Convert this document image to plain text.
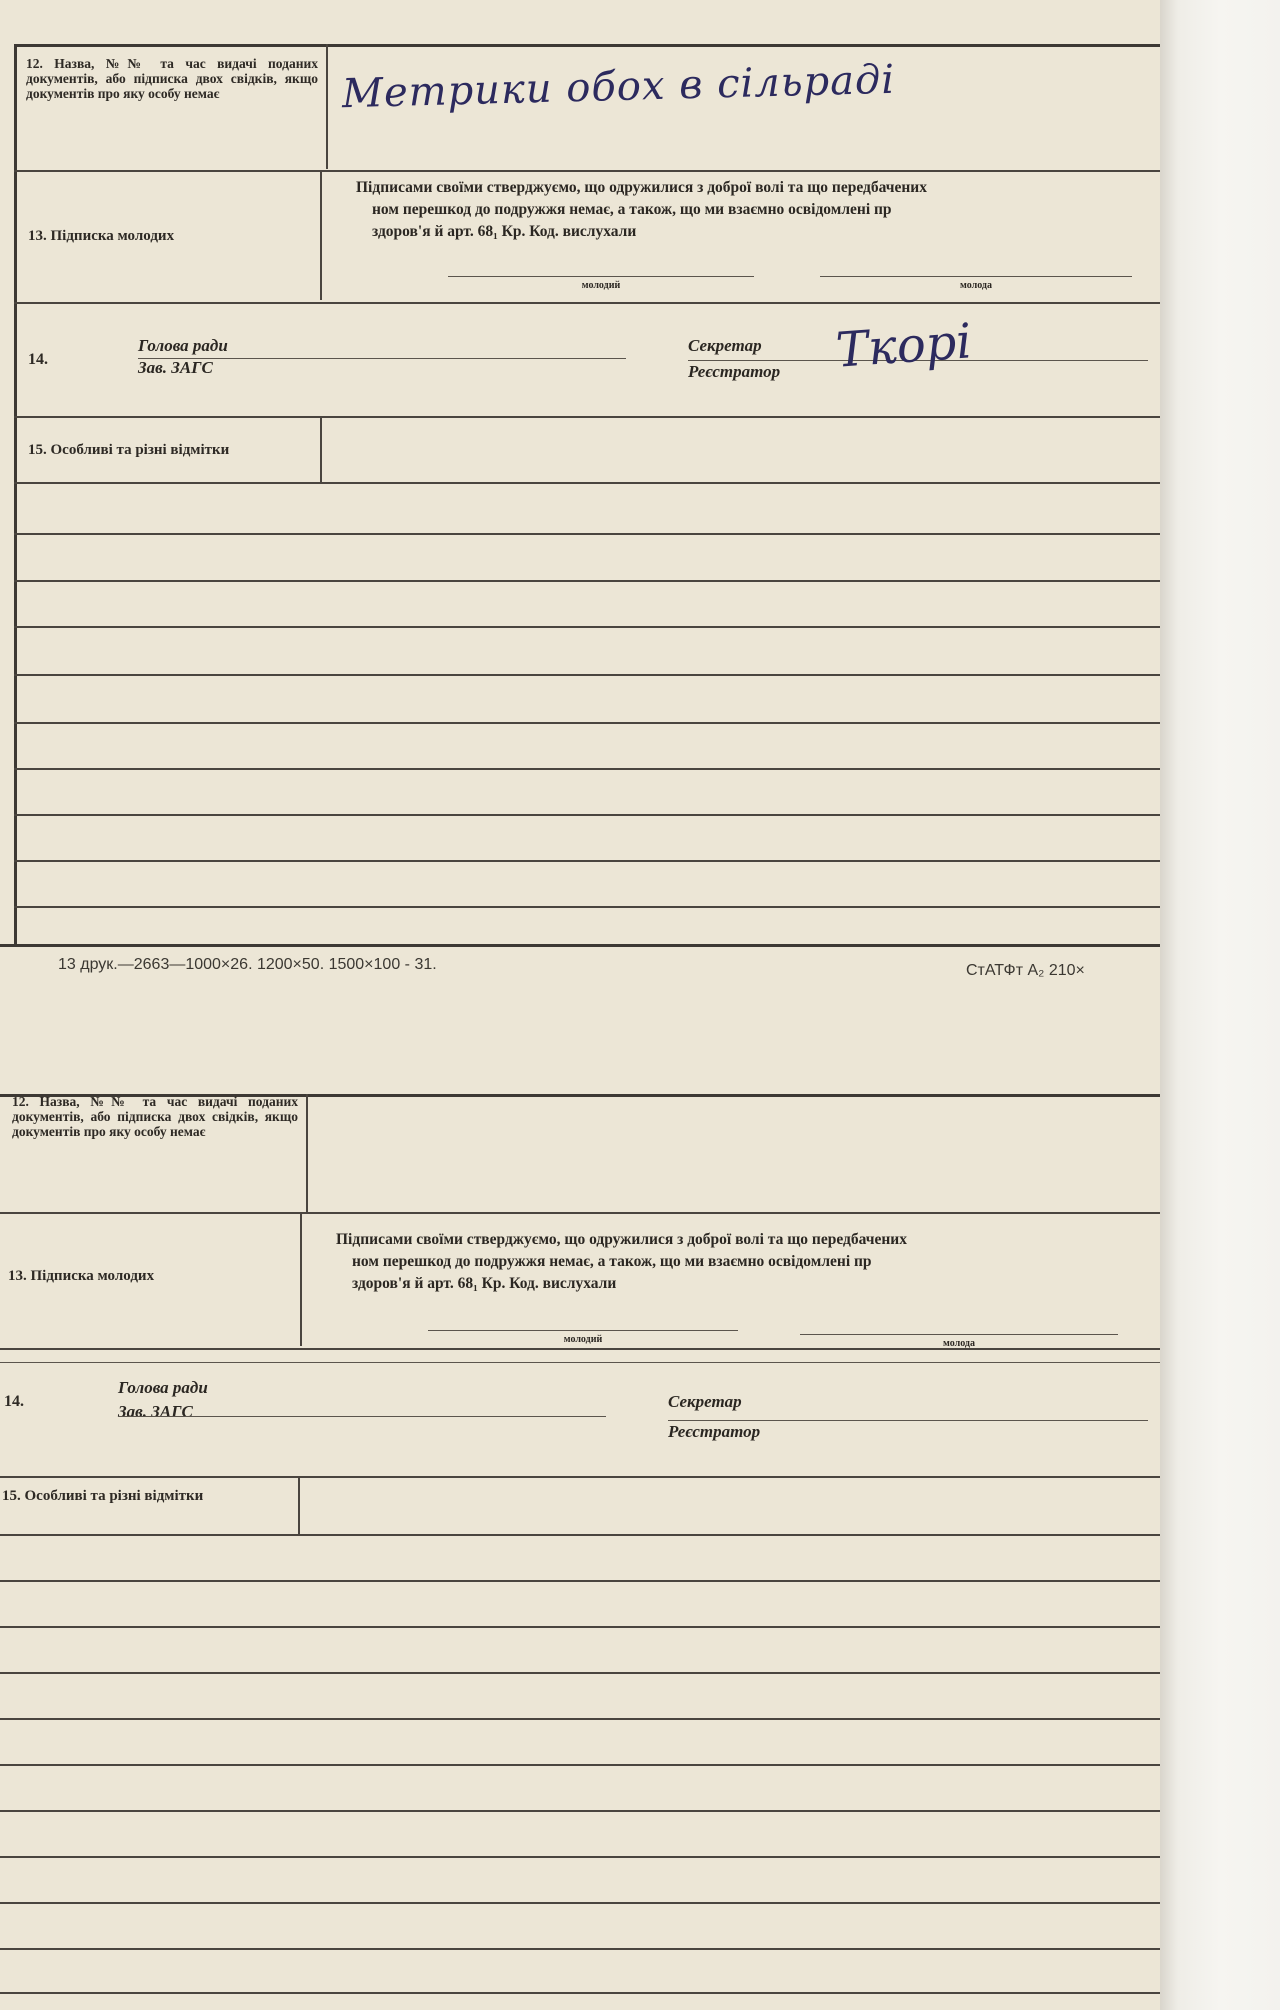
12. Назва, №№ та час видачі поданих документів, або підписка двох свідків, якщо документів про яку особу немає	Метрики обох в сільраді
13. Підписка молодих
Підписами своїми стверджуємо, що одружилися з доброї волі та що передбачених
ном перешкод до подружжя немає, а також, що ми взаємно освідомлені пр
здоров'я й арт. 68₁ Кр. Код. вислухали
молодий	молода
14.
Голова ради
Зав. ЗАГС
Секретар
Реєстратор Ткорі
15. Особливі та різні відмітки
13 друк.—2663—1000×26. 1200×50. 1500×100 - 31.	СтАТФт А₂ 210×
12. Назва, №№ та час видачі поданих документів, або підписка двох свідків, якщо документів про яку особу немає
13. Підписка молодих
Підписами своїми стверджуємо, що одружилися з доброї волі та що передбачених
ном перешкод до подружжя немає, а також, що ми взаємно освідомлені пр
здоров'я й арт. 68₁ Кр. Код. вислухали
молодий	молода
14.
Голова ради
Зав. ЗАГС
Секретар
Реєстратор
15. Особливі та різні відмітки
